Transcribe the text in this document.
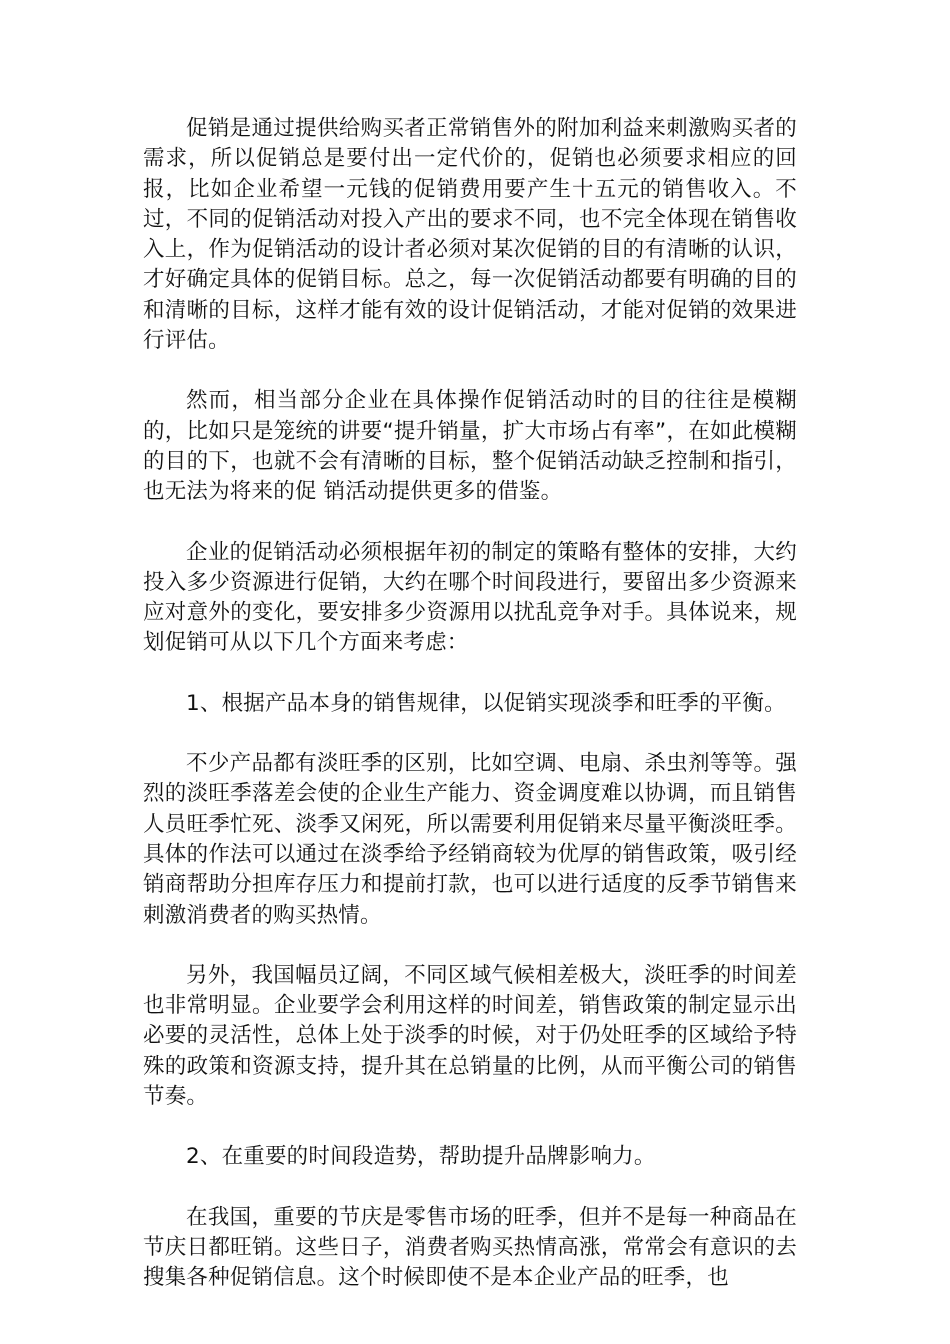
促销是通过提供给购买者正常销售外的附加利益来刺激购买者的需求，所以促销总是要付出一定代价的，促销也必须要求相应的回报，比如企业希望一元钱的促销费用要产生十五元的销售收入。不过，不同的促销活动对投入产出的要求不同，也不完全体现在销售收入上，作为促销活动的设计者必须对某次促销的目的有清晰的认识，才好确定具体的促销目标。总之，每一次促销活动都要有明确的目的和清晰的目标，这样才能有效的设计促销活动，才能对促销的效果进行评估。

然而，相当部分企业在具体操作促销活动时的目的往往是模糊的，比如只是笼统的讲要“提升销量，扩大市场占有率”，在如此模糊的目的下，也就不会有清晰的目标，整个促销活动缺乏控制和指引，也无法为将来的促 销活动提供更多的借鉴。

企业的促销活动必须根据年初的制定的策略有整体的安排，大约投入多少资源进行促销，大约在哪个时间段进行，要留出多少资源来应对意外的变化，要安排多少资源用以扰乱竞争对手。具体说来，规划促销可从以下几个方面来考虑：

1、根据产品本身的销售规律，以促销实现淡季和旺季的平衡。

不少产品都有淡旺季的区别，比如空调、电扇、杀虫剂等等。强烈的淡旺季落差会使的企业生产能力、资金调度难以协调，而且销售人员旺季忙死、淡季又闲死，所以需要利用促销来尽量平衡淡旺季。具体的作法可以通过在淡季给予经销商较为优厚的销售政策，吸引经销商帮助分担库存压力和提前打款，也可以进行适度的反季节销售来刺激消费者的购买热情。

另外，我国幅员辽阔，不同区域气候相差极大，淡旺季的时间差也非常明显。企业要学会利用这样的时间差，销售政策的制定显示出必要的灵活性，总体上处于淡季的时候，对于仍处旺季的区域给予特殊的政策和资源支持，提升其在总销量的比例，从而平衡公司的销售节奏。

2、在重要的时间段造势，帮助提升品牌影响力。

在我国，重要的节庆是零售市场的旺季，但并不是每一种商品在节庆日都旺销。这些日子，消费者购买热情高涨，常常会有意识的去搜集各种促销信息。这个时候即使不是本企业产品的旺季，也
